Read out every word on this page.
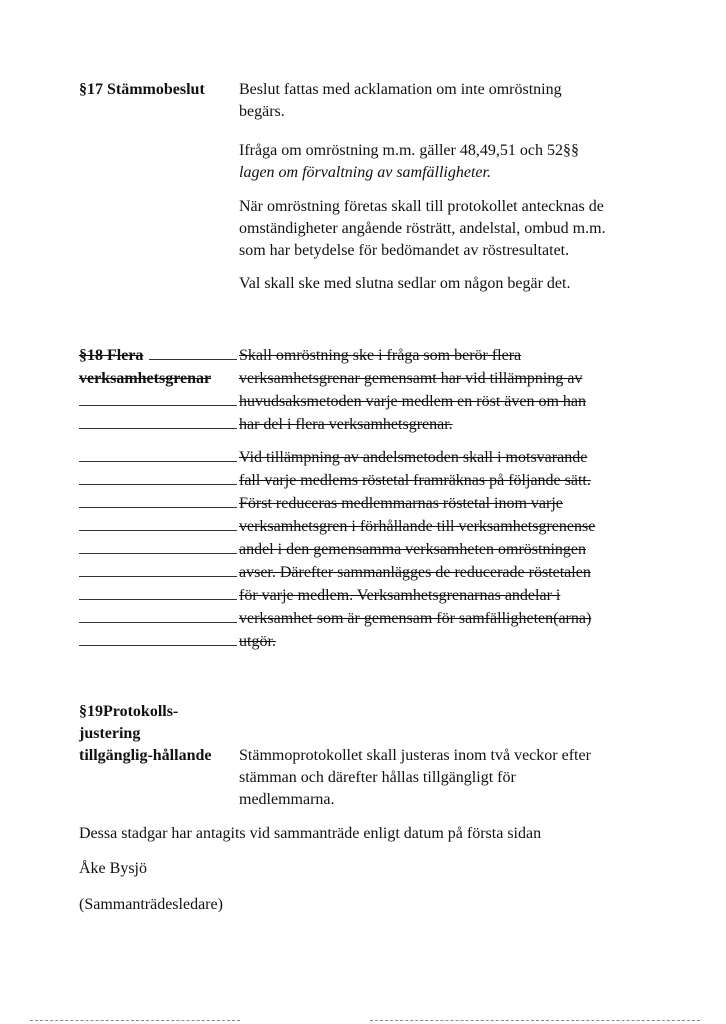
§17 Stämmobeslut Beslut fattas med acklamation om inte omröstning
begärs.
Ifråga om omröstning m.m. gäller 48,49,51 och 52§§
lagen om förvaltning av samfälligheter.
När omröstning företas skall till protokollet antecknas de
omständigheter angående rösträtt, andelstal, ombud m.m.
som har betydelse för bedömandet av röstresultatet.
Val skall ske med slutna sedlar om någon begär det.
§18 Flera	Skall omröstning ske i fråga som berör flera
verksamhetsgrenar verksamhetsgrenar gemensamt har vid tillämpning av
huvudsaksmetoden varje medlem en röst även om han
har del i flera verksamhetsgrenar.
Vid tillämpning av andelsmetoden skall i motsvarande
fall varje medlems röstetal framräknas på följande sätt.
Först reduceras medlemmarnas röstetal inom varje
verksamhetsgren i förhållande till verksamhetsgrenense
andel i den gemensamma verksamheten omröstningen
avser. Därefter sammanlägges de reducerade röstetalen
för varje medlem. Verksamhetsgrenarnas andelar i
verksamhet som är gemensam för samfälligheten(arna)
utgör.
§19Protokolls-
justering
tillgänglig-hållande Stämmoprotokollet skall justeras inom två veckor efter
stämman och därefter hållas tillgängligt för
medlemmarna.
Dessa stadgar har antagits vid sammanträde enligt datum på första sidan
Åke Bysjö
(Sammanträdesledare)
